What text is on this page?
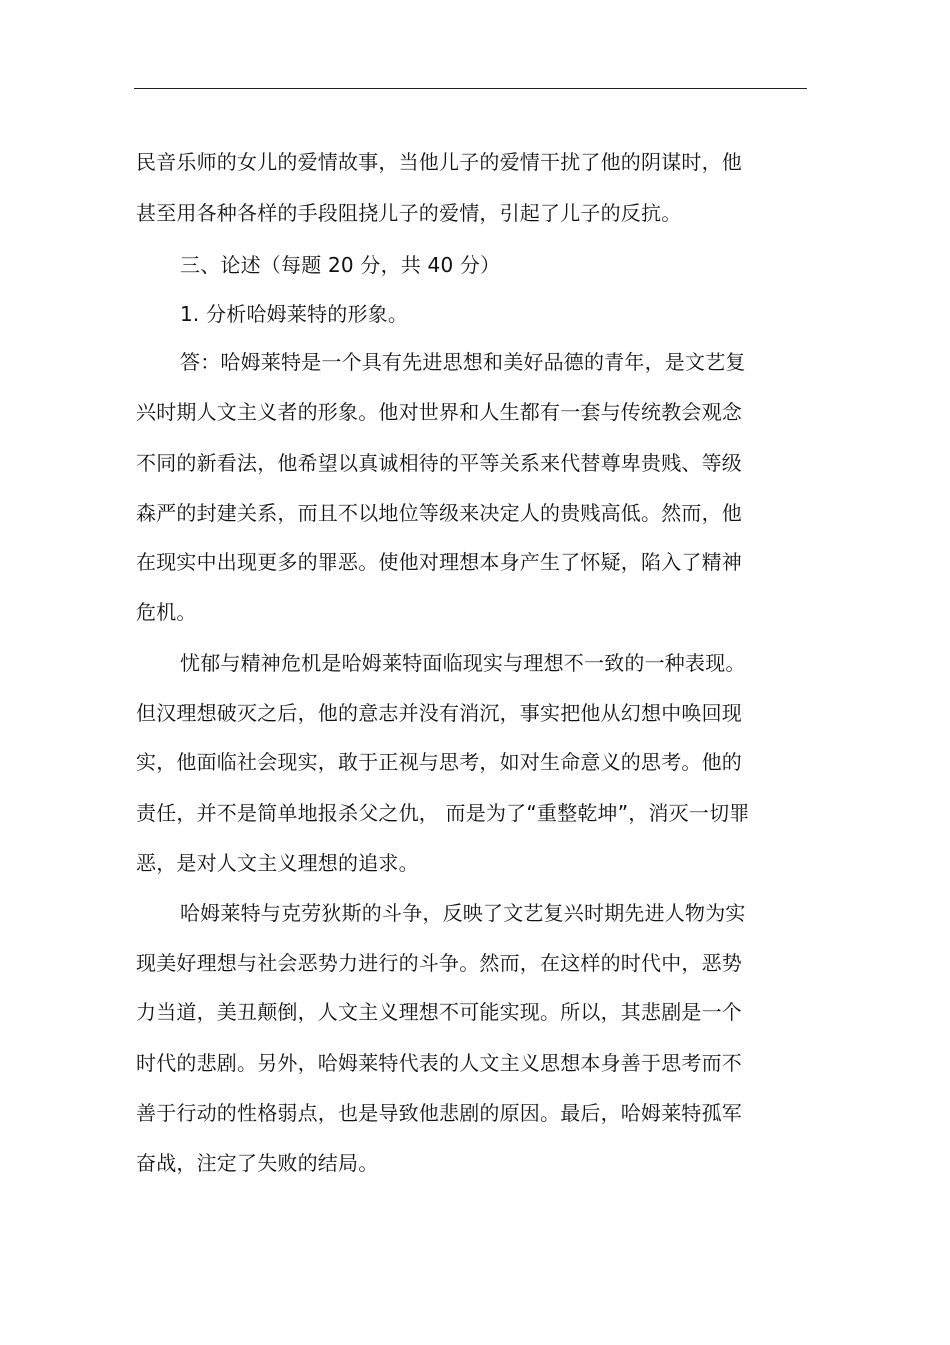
民音乐师的女儿的爱情故事，当他儿子的爱情干扰了他的阴谋时，他
甚至用各种各样的手段阻挠儿子的爱情，引起了儿子的反抗。
三、论述（每题 20 分，共 40 分）
1. 分析哈姆莱特的形象。
答：哈姆莱特是一个具有先进思想和美好品德的青年，是文艺复
兴时期人文主义者的形象。他对世界和人生都有一套与传统教会观念
不同的新看法，他希望以真诚相待的平等关系来代替尊卑贵贱、等级
森严的封建关系，而且不以地位等级来决定人的贵贱高低。然而，他
在现实中出现更多的罪恶。使他对理想本身产生了怀疑，陷入了精神
危机。
忧郁与精神危机是哈姆莱特面临现实与理想不一致的一种表现。
但汉理想破灭之后，他的意志并没有消沉，事实把他从幻想中唤回现
实，他面临社会现实，敢于正视与思考，如对生命意义的思考。他的
责任，并不是简单地报杀父之仇， 而是为了“重整乾坤”，消灭一切罪
恶，是对人文主义理想的追求。
哈姆莱特与克劳狄斯的斗争，反映了文艺复兴时期先进人物为实
现美好理想与社会恶势力进行的斗争。然而，在这样的时代中，恶势
力当道，美丑颠倒，人文主义理想不可能实现。所以，其悲剧是一个
时代的悲剧。另外，哈姆莱特代表的人文主义思想本身善于思考而不
善于行动的性格弱点，也是导致他悲剧的原因。最后，哈姆莱特孤军
奋战，注定了失败的结局。
